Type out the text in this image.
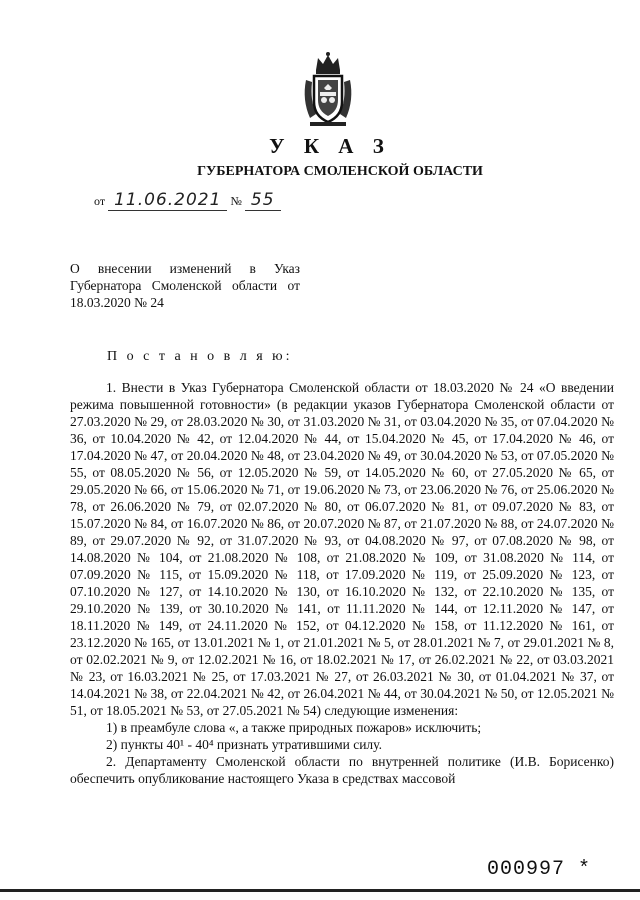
У К А З
ГУБЕРНАТОРА СМОЛЕНСКОЙ ОБЛАСТИ
от 11.06.2021 № 55
О внесении изменений в Указ Губернатора Смоленской области от 18.03.2020 № 24
П о с т а н о в л я ю:

1. Внести в Указ Губернатора Смоленской области от 18.03.2020 № 24 «О введении режима повышенной готовности» (в редакции указов Губернатора Смоленской области от 27.03.2020 № 29, от 28.03.2020 № 30, от 31.03.2020 № 31, от 03.04.2020 № 35, от 07.04.2020 № 36, от 10.04.2020 № 42, от 12.04.2020 № 44, от 15.04.2020 № 45, от 17.04.2020 № 46, от 17.04.2020 № 47, от 20.04.2020 № 48, от 23.04.2020 № 49, от 30.04.2020 № 53, от 07.05.2020 № 55, от 08.05.2020 № 56, от 12.05.2020 № 59, от 14.05.2020 № 60, от 27.05.2020 № 65, от 29.05.2020 № 66, от 15.06.2020 № 71, от 19.06.2020 № 73, от 23.06.2020 № 76, от 25.06.2020 № 78, от 26.06.2020 № 79, от 02.07.2020 № 80, от 06.07.2020 № 81, от 09.07.2020 № 83, от 15.07.2020 № 84, от 16.07.2020 № 86, от 20.07.2020 № 87, от 21.07.2020 № 88, от 24.07.2020 № 89, от 29.07.2020 № 92, от 31.07.2020 № 93, от 04.08.2020 № 97, от 07.08.2020 № 98, от 14.08.2020 № 104, от 21.08.2020 № 108, от 21.08.2020 № 109, от 31.08.2020 № 114, от 07.09.2020 № 115, от 15.09.2020 № 118, от 17.09.2020 № 119, от 25.09.2020 № 123, от 07.10.2020 № 127, от 14.10.2020 № 130, от 16.10.2020 № 132, от 22.10.2020 № 135, от 29.10.2020 № 139, от 30.10.2020 № 141, от 11.11.2020 № 144, от 12.11.2020 № 147, от 18.11.2020 № 149, от 24.11.2020 № 152, от 04.12.2020 № 158, от 11.12.2020 № 161, от 23.12.2020 № 165, от 13.01.2021 № 1, от 21.01.2021 № 5, от 28.01.2021 № 7, от 29.01.2021 № 8, от 02.02.2021 № 9, от 12.02.2021 № 16, от 18.02.2021 № 17, от 26.02.2021 № 22, от 03.03.2021 № 23, от 16.03.2021 № 25, от 17.03.2021 № 27, от 26.03.2021 № 30, от 01.04.2021 № 37, от 14.04.2021 № 38, от 22.04.2021 № 42, от 26.04.2021 № 44, от 30.04.2021 № 50, от 12.05.2021 № 51, от 18.05.2021 № 53, от 27.05.2021 № 54) следующие изменения:

1) в преамбуле слова «, а также природных пожаров» исключить;

2) пункты 40¹ - 40⁴ признать утратившими силу.

2. Департаменту Смоленской области по внутренней политике (И.В. Борисенко) обеспечить опубликование настоящего Указа в средствах массовой

000997 *
